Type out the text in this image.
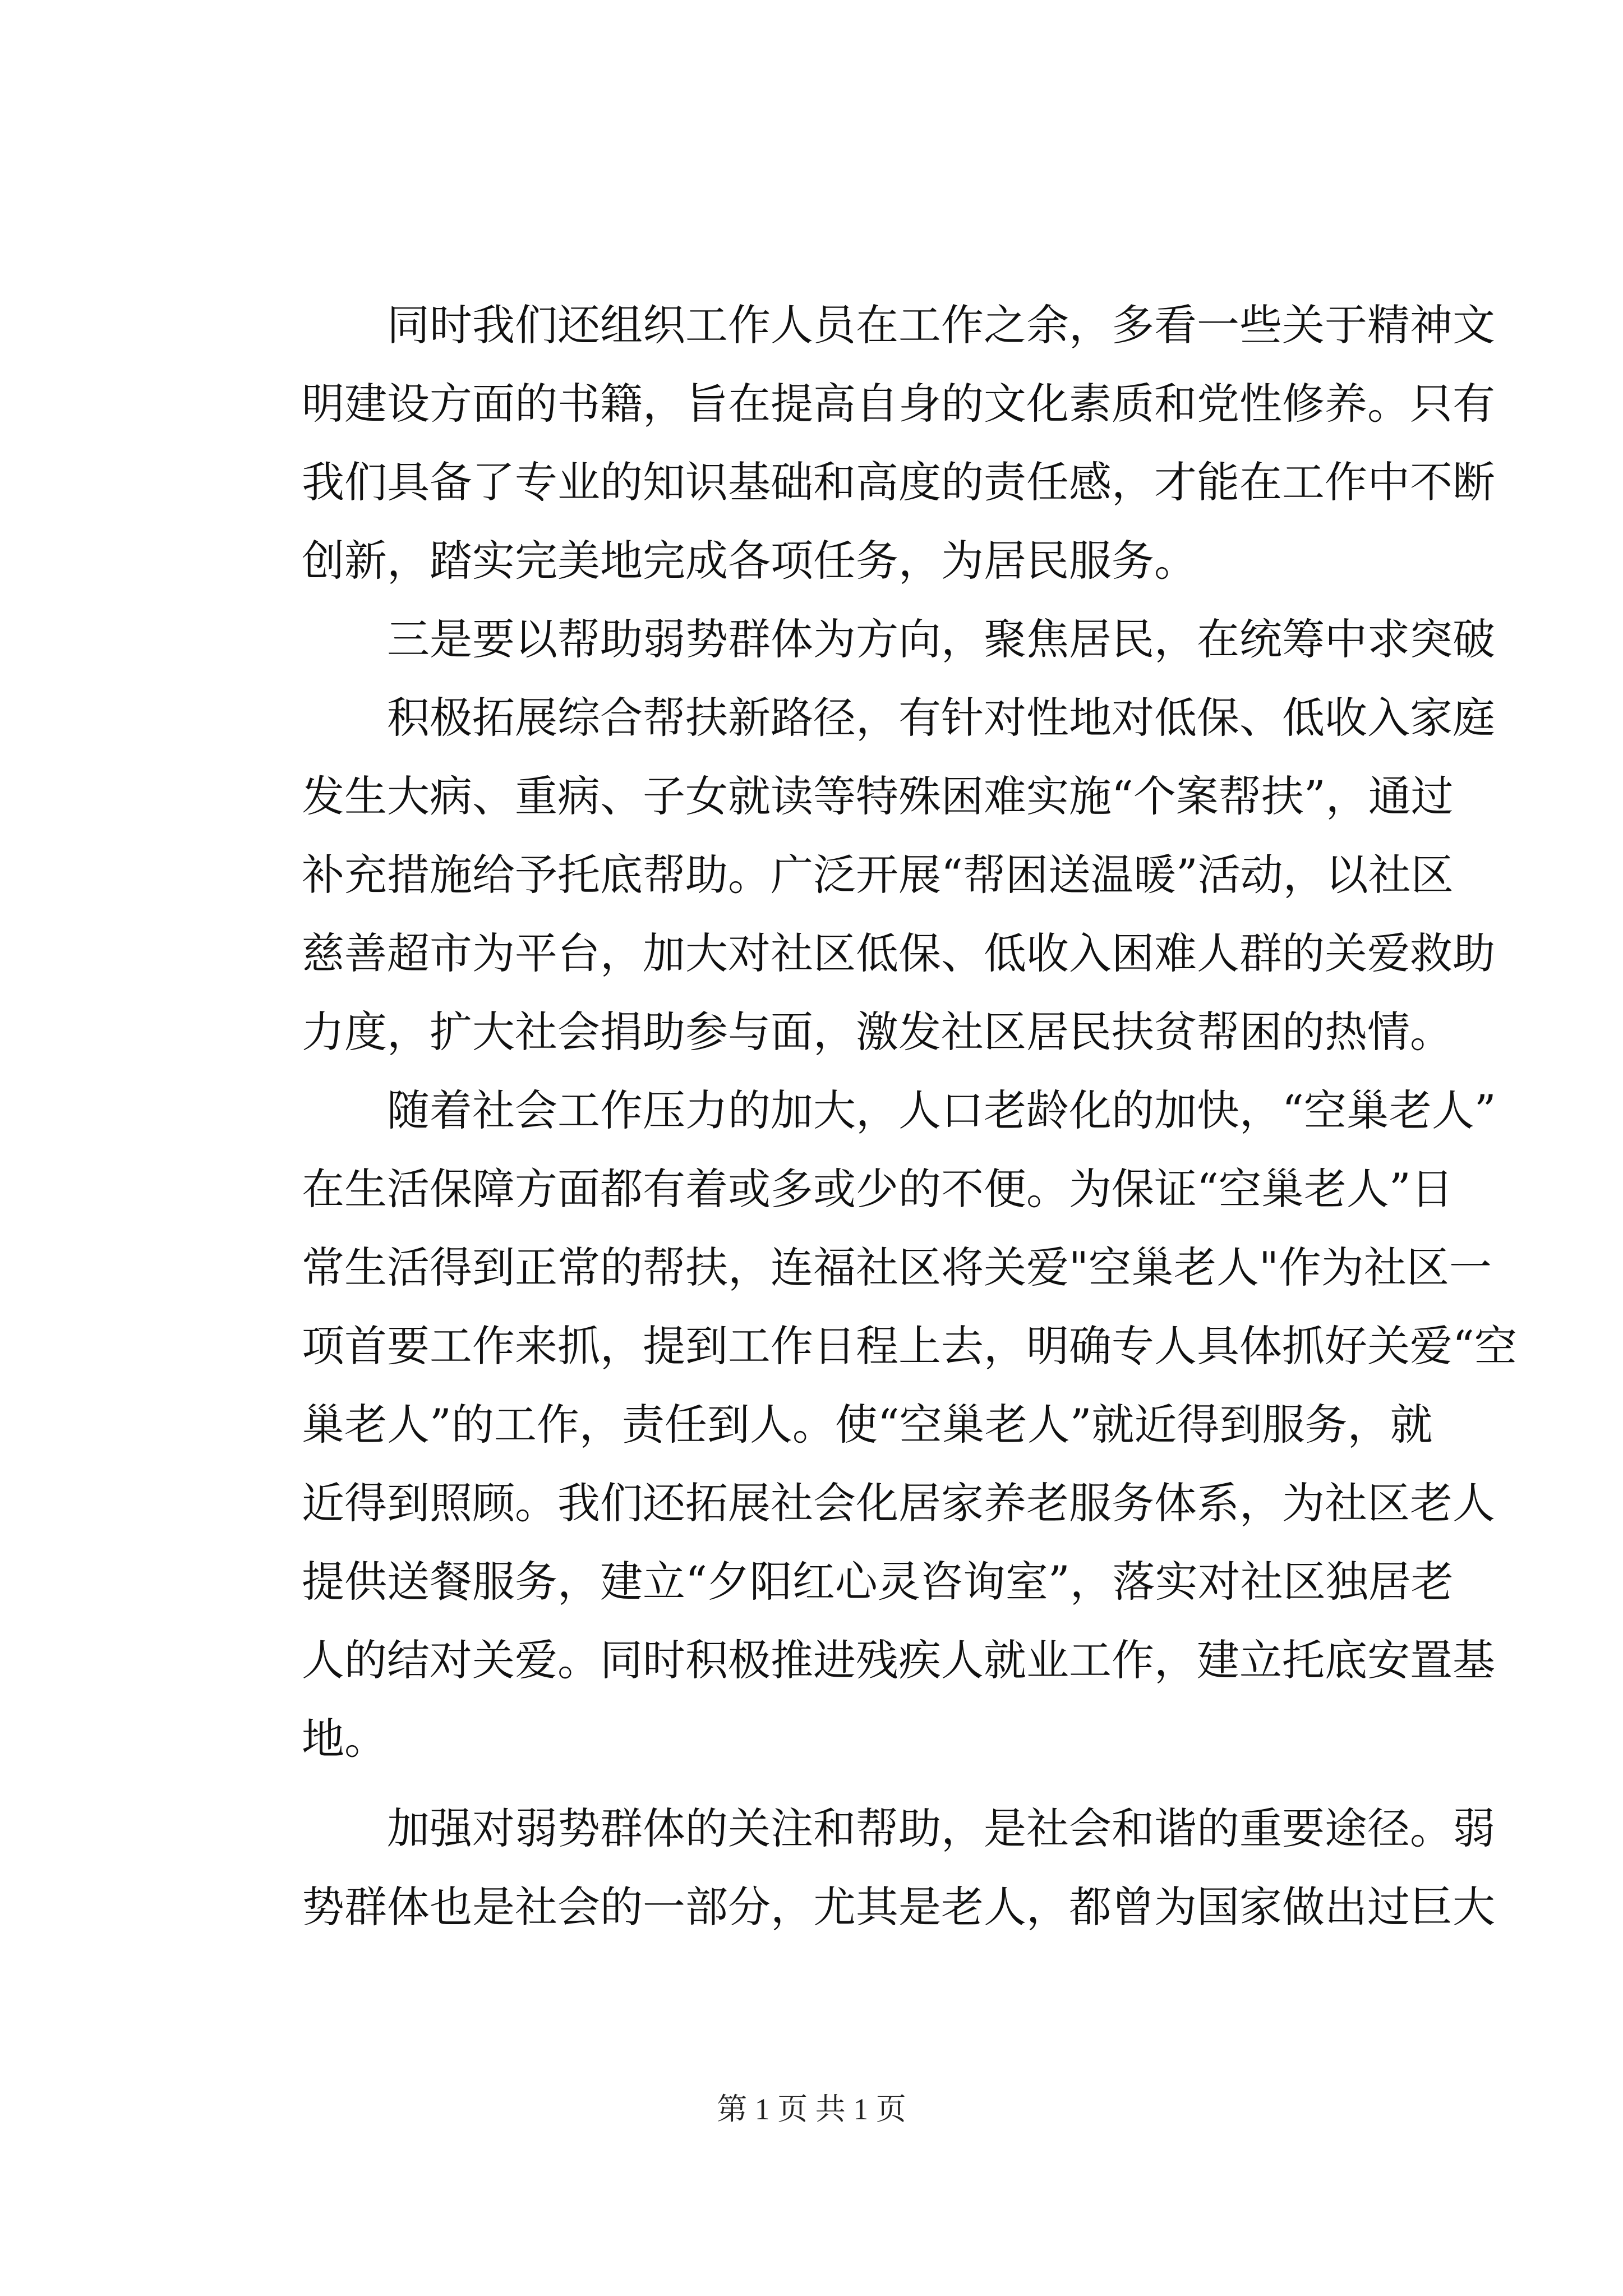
同时我们还组织工作人员在工作之余，多看一些关于精神文
明建设方面的书籍，旨在提高自身的文化素质和党性修养。只有
我们具备了专业的知识基础和高度的责任感，才能在工作中不断
创新，踏实完美地完成各项任务，为居民服务。
三是要以帮助弱势群体为方向，聚焦居民，在统筹中求突破
积极拓展综合帮扶新路径，有针对性地对低保、低收入家庭
发生大病、重病、子女就读等特殊困难实施“个案帮扶”，通过
补充措施给予托底帮助。广泛开展“帮困送温暖”活动，以社区
慈善超市为平台，加大对社区低保、低收入困难人群的关爱救助
力度，扩大社会捐助参与面，激发社区居民扶贫帮困的热情。
随着社会工作压力的加大，人口老龄化的加快，“空巢老人”
在生活保障方面都有着或多或少的不便。为保证“空巢老人”日
常生活得到正常的帮扶，连福社区将关爱"空巢老人"作为社区一
项首要工作来抓，提到工作日程上去，明确专人具体抓好关爱“空
巢老人”的工作，责任到人。使“空巢老人”就近得到服务，就
近得到照顾。我们还拓展社会化居家养老服务体系，为社区老人
提供送餐服务，建立“夕阳红心灵咨询室”，落实对社区独居老
人的结对关爱。同时积极推进残疾人就业工作，建立托底安置基
地。
加强对弱势群体的关注和帮助，是社会和谐的重要途径。弱
势群体也是社会的一部分，尤其是老人，都曾为国家做出过巨大
第 1 页 共 1 页
